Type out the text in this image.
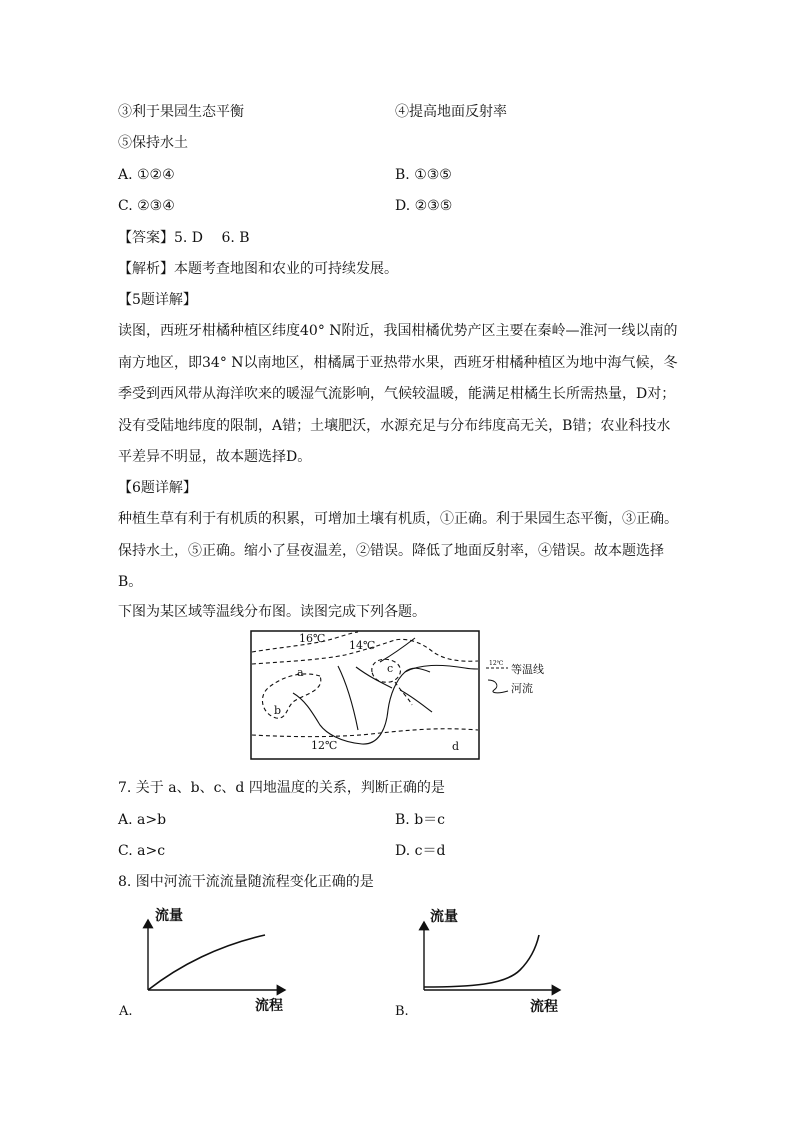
③利于果园生态平衡	④提高地面反射率
⑤保持水土
A. ①②④	B. ①③⑤
C. ②③④	D. ②③⑤
【答案】5. D　 6. B
【解析】本题考查地图和农业的可持续发展。
【5题详解】
读图，西班牙柑橘种植区纬度40° N附近，我国柑橘优势产区主要在秦岭—淮河一线以南的南方地区，即34° N以南地区，柑橘属于亚热带水果，西班牙柑橘种植区为地中海气候，冬季受到西风带从海洋吹来的暖湿气流影响，气候较温暖，能满足柑橘生长所需热量，D对；没有受陆地纬度的限制，A错；土壤肥沃，水源充足与分布纬度高无关，B错；农业科技水平差异不明显，故本题选择D。
【6题详解】
种植生草有利于有机质的积累，可增加土壤有机质，①正确。利于果园生态平衡，③正确。保持水土，⑤正确。缩小了昼夜温差，②错误。降低了地面反射率，④错误。故本题选择B。
下图为某区域等温线分布图。读图完成下列各题。
16℃
14℃
12℃
a
b
c
d
12℃ 等温线
河流
7. 关于 a、b、c、d 四地温度的关系，判断正确的是
A. a>b	B. b＝c
C. a>c	D. c＝d
8. 图中河流干流流量随流程变化正确的是
流量
流程
A.
流量
流程
B.
